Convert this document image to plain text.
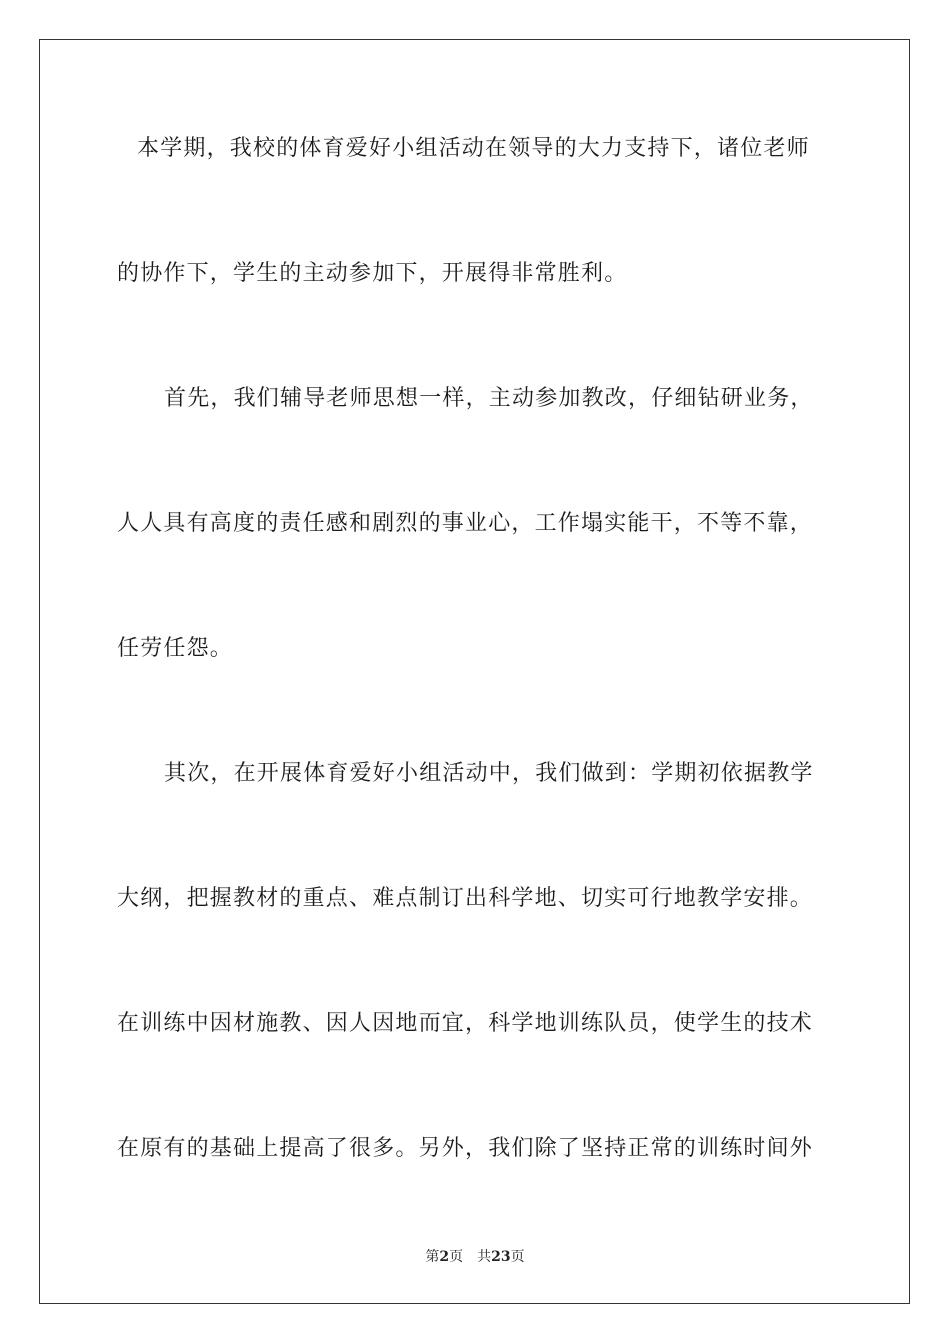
本学期，我校的体育爱好小组活动在领导的大力支持下，诸位老师
的协作下，学生的主动参加下，开展得非常胜利。
首先，我们辅导老师思想一样，主动参加教改，仔细钻研业务，
人人具有高度的责任感和剧烈的事业心，工作塌实能干，不等不靠，
任劳任怨。
其次，在开展体育爱好小组活动中，我们做到：学期初依据教学
大纲，把握教材的重点、难点制订出科学地、切实可行地教学安排。
在训练中因材施教、因人因地而宜，科学地训练队员，使学生的技术
在原有的基础上提高了很多。另外，我们除了坚持正常的训练时间外
第2页 共23页
